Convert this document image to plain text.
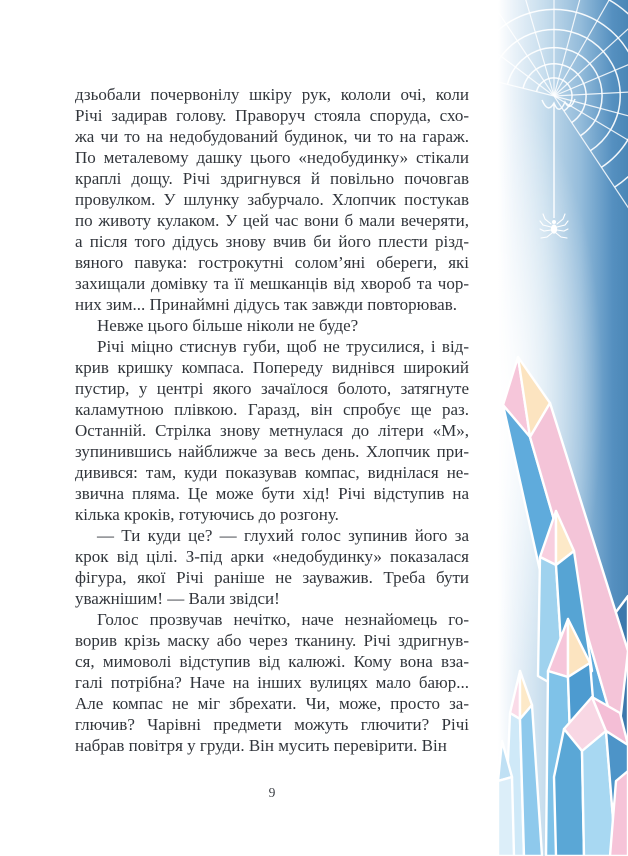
дзьобали почервонілу шкіру рук, кололи очі, коли
Річі задирав голову. Праворуч стояла споруда, схо-
жа чи то на недобудований будинок, чи то на гараж.
По металевому дашку цього «недобудинку» стікали
краплі дощу. Річі здригнувся й повільно почовгав
провулком. У шлунку забурчало. Хлопчик постукав
по животу кулаком. У цей час вони б мали вечеряти,
а після того дідусь знову вчив би його плести різд-
вяного павука: гострокутні солом’яні обереги, які
захищали домівку та її мешканців від хвороб та чор-
них зим... Принаймні дідусь так завжди повторював.
Невже цього більше ніколи не буде?
Річі міцно стиснув губи, щоб не трусилися, і від-
крив кришку компаса. Попереду виднівся широкий
пустир, у центрі якого зачаїлося болото, затягнуте
каламутною плівкою. Гаразд, він спробує ще раз.
Останній. Стрілка знову метнулася до літери «М»,
зупинившись найближче за весь день. Хлопчик при-
дивився: там, куди показував компас, виднілася не-
звична пляма. Це може бути хід! Річі відступив на
кілька кроків, готуючись до розгону.
— Ти куди це? — глухий голос зупинив його за
крок від цілі. З-під арки «недобудинку» показалася
фігура, якої Річі раніше не зауважив. Треба бути
уважнішим! — Вали звідси!
Голос прозвучав нечітко, наче незнайомець го-
ворив крізь маску або через тканину. Річі здригнув-
ся, мимоволі відступив від калюжі. Кому вона вза-
галі потрібна? Наче на інших вулицях мало баюр...
Але компас не міг збрехати. Чи, може, просто за-
глючив? Чарівні предмети можуть глючити? Річі
набрав повітря у груди. Він мусить перевірити. Він
9
